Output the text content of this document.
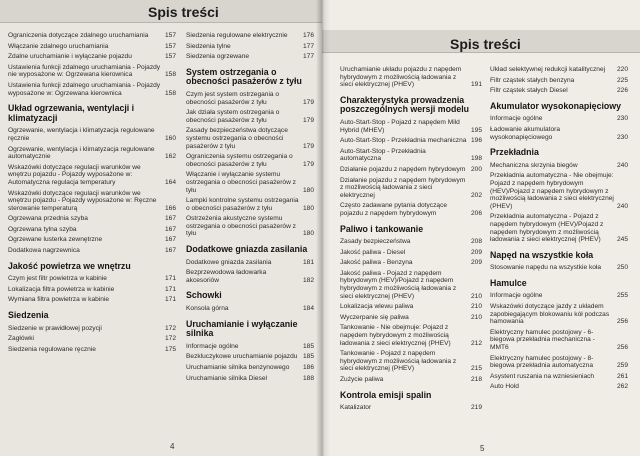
Spis treści
Ograniczenia dotyczące zdalnego uruchamiania	157
Włączanie zdalnego uruchamiania	157
Zdalne uruchamianie i wyłączanie pojazdu	157
Ustawienia funkcji zdalnego uruchamiania - Pojazdy nie wyposażone w: Ogrzewana kierownica	158
Ustawienia funkcji zdalnego uruchamiania - Pojazdy wyposażone w: Ogrzewana kierownica	158
Układ ogrzewania, wentylacji i klimatyzacji
Ogrzewanie, wentylacja i klimatyzacja regulowane ręcznie	160
Ogrzewanie, wentylacja i klimatyzacja regulowane automatycznie	162
Wskazówki dotyczące regulacji warunków we wnętrzu pojazdu - Pojazdy wyposażone w: Automatyczna regulacja temperatury	164
Wskazówki dotyczące regulacji warunków we wnętrzu pojazdu - Pojazdy wyposażone w: Ręczne sterowanie temperaturą	166
Ogrzewana przednia szyba	167
Ogrzewana tylna szyba	167
Ogrzewane lusterka zewnętrzne	167
Dodatkowa nagrzewnica	167
Jakość powietrza we wnętrzu
Czym jest filtr powietrza w kabinie	171
Lokalizacja filtra powietrza w kabinie	171
Wymiana filtra powietrza w kabinie	171
Siedzenia
Siedzenie w prawidłowej pozycji	172
Zagłówki	172
Siedzenia regulowane ręcznie	175
Siedzenia regulowane elektrycznie	176
Siedzenia tylne	177
Siedzenia ogrzewane	177
System ostrzegania o obecności pasażerów z tyłu
Czym jest system ostrzegania o obecności pasażerów z tyłu	179
Jak działa system ostrzegania o obecności pasażerów z tyłu	179
Zasady bezpieczeństwa dotyczące systemu ostrzegania o obecności pasażerów z tyłu	179
Ograniczenia systemu ostrzegania o obecności pasażerów z tyłu	179
Włączanie i wyłączanie systemu ostrzegania o obecności pasażerów z tyłu	180
Lampki kontrolne systemu ostrzegania o obecności pasażerów z tyłu	180
Ostrzeżenia akustyczne systemu ostrzegania o obecności pasażerów z tyłu	180
Dodatkowe gniazda zasilania
Dodatkowe gniazda zasilania	181
Bezprzewodowa ładowarka akcesoriów	182
Schowki
Konsola górna	184
Uruchamianie i wyłączanie silnika
Informacje ogólne	185
Bezkluczykowe uruchamianie pojazdu 185
Uruchamianie silnika benzynowego	186
Uruchamianie silnika Diesel	188
4
Spis treści
Uruchamianie układu pojazdu z napędem hybrydowym z możliwością ładowania z sieci elektrycznej (PHEV)	191
Charakterystyka prowadzenia poszczególnych wersji modelu
Auto-Start-Stop - Pojazd z napędem Mild Hybrid (MHEV)	195
Auto-Start-Stop - Przekładnia mechaniczna 196
Auto-Start-Stop - Przekładnia automatyczna	198
Działanie pojazdu z napędem hybrydowym 200
Działanie pojazdu z napędem hybrydowym z możliwością ładowania z sieci elektrycznej	202
Często zadawane pytania dotyczące pojazdu z napędem hybrydowym	206
Paliwo i tankowanie
Zasady bezpieczeństwa	208
Jakość paliwa - Diesel	209
Jakość paliwa - Benzyna	209
Jakość paliwa - Pojazd z napędem hybrydowym (HEV)/Pojazd z napędem hybrydowym z możliwością ładowania z sieci elektrycznej (PHEV)	210
Lokalizacja wlewu paliwa	210
Wyczerpanie się paliwa	210
Tankowanie - Nie obejmuje: Pojazd z napędem hybrydowym z możliwością ładowania z sieci elektrycznej (PHEV)	212
Tankowanie - Pojazd z napędem hybrydowym z możliwością ładowania z sieci elektrycznej (PHEV)	215
Zużycie paliwa	218
Kontrola emisji spalin
Katalizator	219
Układ selektywnej redukcji katalitycznej	220
Filtr cząstek stałych benzyna	225
Filtr cząstek stałych Diesel	226
Akumulator wysokonapięciowy
Informacje ogólne	230
Ładowanie akumulatora wysokonapięciowego	230
Przekładnia
Mechaniczna skrzynia biegów	240
Przekładnia automatyczna - Nie obejmuje: Pojazd z napędem hybrydowym (HEV)/Pojazd z napędem hybrydowym z możliwością ładowania z sieci elektrycznej (PHEV)	240
Przekładnia automatyczna - Pojazd z napędem hybrydowym (HEV)/Pojazd z napędem hybrydowym z możliwością ładowania z sieci elektrycznej (PHEV)	245
Napęd na wszystkie koła
Stosowanie napędu na wszystkie koła	250
Hamulce
Informacje ogólne	255
Wskazówki dotyczące jazdy z układem zapobiegającym blokowaniu kół podczas hamowania	256
Elektryczny hamulec postojowy - 6-biegowa przekładnia mechaniczna - MMT6	256
Elektryczny hamulec postojowy - 8-biegowa przekładnia automatyczna	259
Asystent ruszania na wzniesieniach	261
Auto Hold	262
5
